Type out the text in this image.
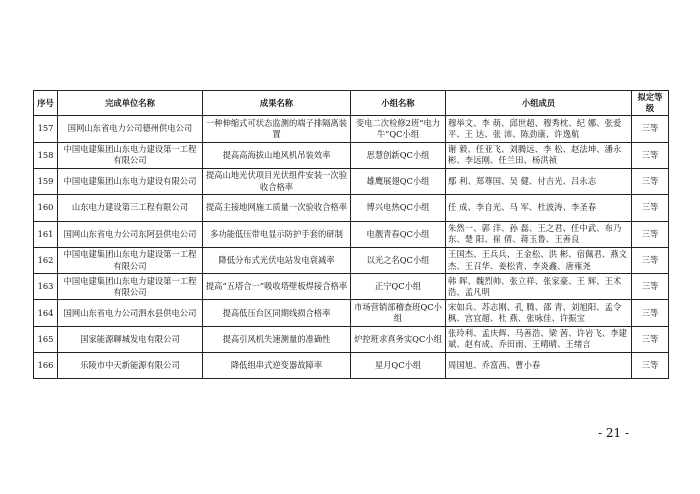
序号	完成单位名称	成果名称	小组名称	小组成员	拟定等级
157	国网山东省电力公司德州供电公司	一种伸缩式可状态监测的端子排隔离装置	变电二次检修2班“电力牛”QC小组	穆举文、李 萌、邱世超、穆秀枕、纪 娜、张爱平、王 达、张 沛、陈劲康、许逸航	三等
158	中国电建集团山东电力建设第一工程有限公司	提高高海拔山地风机吊装效率	思慧创新QC小组	谢 毅、任亚飞、刘腾远、李 松、赵法坤、潘永彬、李远刚、任兰田、杨洪祯	三等
159	中国电建集团山东电力建设有限公司	提高山地光伏项目光伏组件安装一次验收合格率	雄鹰展翅QC小组	鄢 利、郑尊国、吴 健、付吉光、吕永志	三等
160	山东电力建设第三工程有限公司	提高主接地网施工质量一次验收合格率	博兴电热QC小组	任 成、李自光、马 军、杜波涛、李圣春	三等
161	国网山东省电力公司东阿县供电公司	多功能低压带电显示防护手套的研制	电靓青春QC小组	朱然一、郭 洋、孙 磊、王之君、任中武、布乃东、楚 阳、崔 倩、蒋玉鲁、王善良	三等
162	中国电建集团山东电力建设第一工程有限公司	降低分布式光伏电站发电衰减率	以光之名QC小组	王国杰、王兵兵、王金松、洪 彬、宿佩君、燕文杰、王召华、姜松青、李炎鑫、唐雍尧	三等
163	中国电建集团山东电力建设第一工程有限公司	提高“五塔合一”吸收塔壁板焊接合格率	正宁QC小组	韩 晖、魏烈帅、张立祥、张家豪、王 辉、王术浩、孟凡明	三等
164	国网山东省电力公司泗水县供电公司	提高低压台区同期线损合格率	市场营销部稽查班QC小组	宋如兵、苏志刚、孔 腾、邵 青、刘旭阳、孟令枫、宫宜超、杜 燕、张咏佳、许振宝	三等
165	国家能源聊城发电有限公司	提高引风机失速测量的准确性	炉控班求真务实QC小组	张玲利、孟庆辉、马善浩、梁 茜、许岩飞、李建斌、赵有成、乔田雨、王晴晴、王绪言	三等
166	乐陵市中天新能源有限公司	降低组串式逆变器故障率	星月QC小组	周国旭、乔富茜、曹小春	三等
- 21 -
